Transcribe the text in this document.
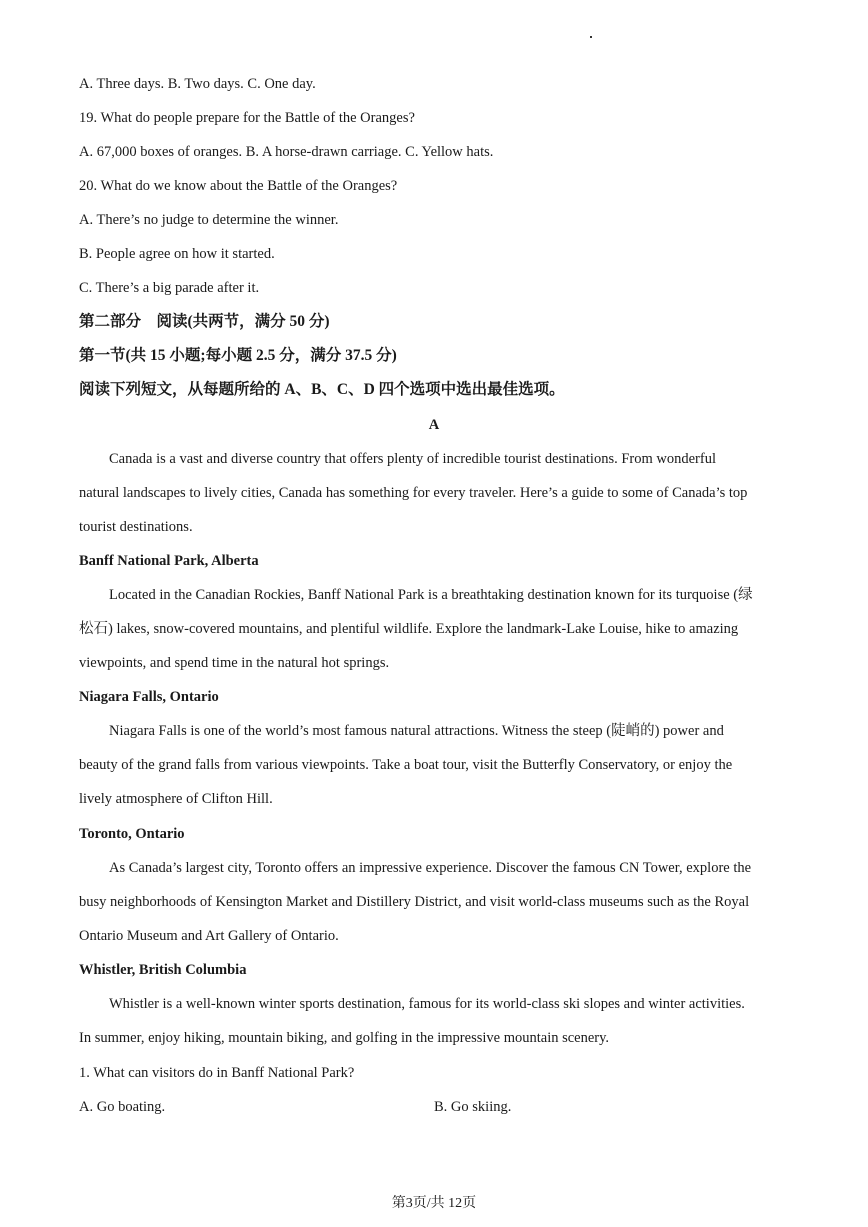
A. Three days. B. Two days. C. One day.
19. What do people prepare for the Battle of the Oranges?
A. 67,000 boxes of oranges. B. A horse-drawn carriage. C. Yellow hats.
20. What do we know about the Battle of the Oranges?
A. There’s no judge to determine the winner.
B. People agree on how it started.
C. There’s a big parade after it.
第二部分　阅读(共两节，满分 50 分)
第一节(共 15 小题;每小题 2.5 分，满分 37.5 分)
阅读下列短文，从每题所给的 A、B、C、D 四个选项中选出最佳选项。
A
Canada is a vast and diverse country that offers plenty of incredible tourist destinations. From wonderful
natural landscapes to lively cities, Canada has something for every traveler. Here’s a guide to some of Canada’s top
tourist destinations.
Banff National Park, Alberta
Located in the Canadian Rockies, Banff National Park is a breathtaking destination known for its turquoise (绿
松石) lakes, snow-covered mountains, and plentiful wildlife. Explore the landmark-Lake Louise, hike to amazing
viewpoints, and spend time in the natural hot springs.
Niagara Falls, Ontario
Niagara Falls is one of the world’s most famous natural attractions. Witness the steep (陡峭的) power and
beauty of the grand falls from various viewpoints. Take a boat tour, visit the Butterfly Conservatory, or enjoy the
lively atmosphere of Clifton Hill.
Toronto, Ontario
As Canada’s largest city, Toronto offers an impressive experience. Discover the famous CN Tower, explore the
busy neighborhoods of Kensington Market and Distillery District, and visit world-class museums such as the Royal
Ontario Museum and Art Gallery of Ontario.
Whistler, British Columbia
Whistler is a well-known winter sports destination, famous for its world-class ski slopes and winter activities.
In summer, enjoy hiking, mountain biking, and golfing in the impressive mountain scenery.
1. What can visitors do in Banff National Park?
A. Go boating.	B. Go skiing.
第3页/共 12页
